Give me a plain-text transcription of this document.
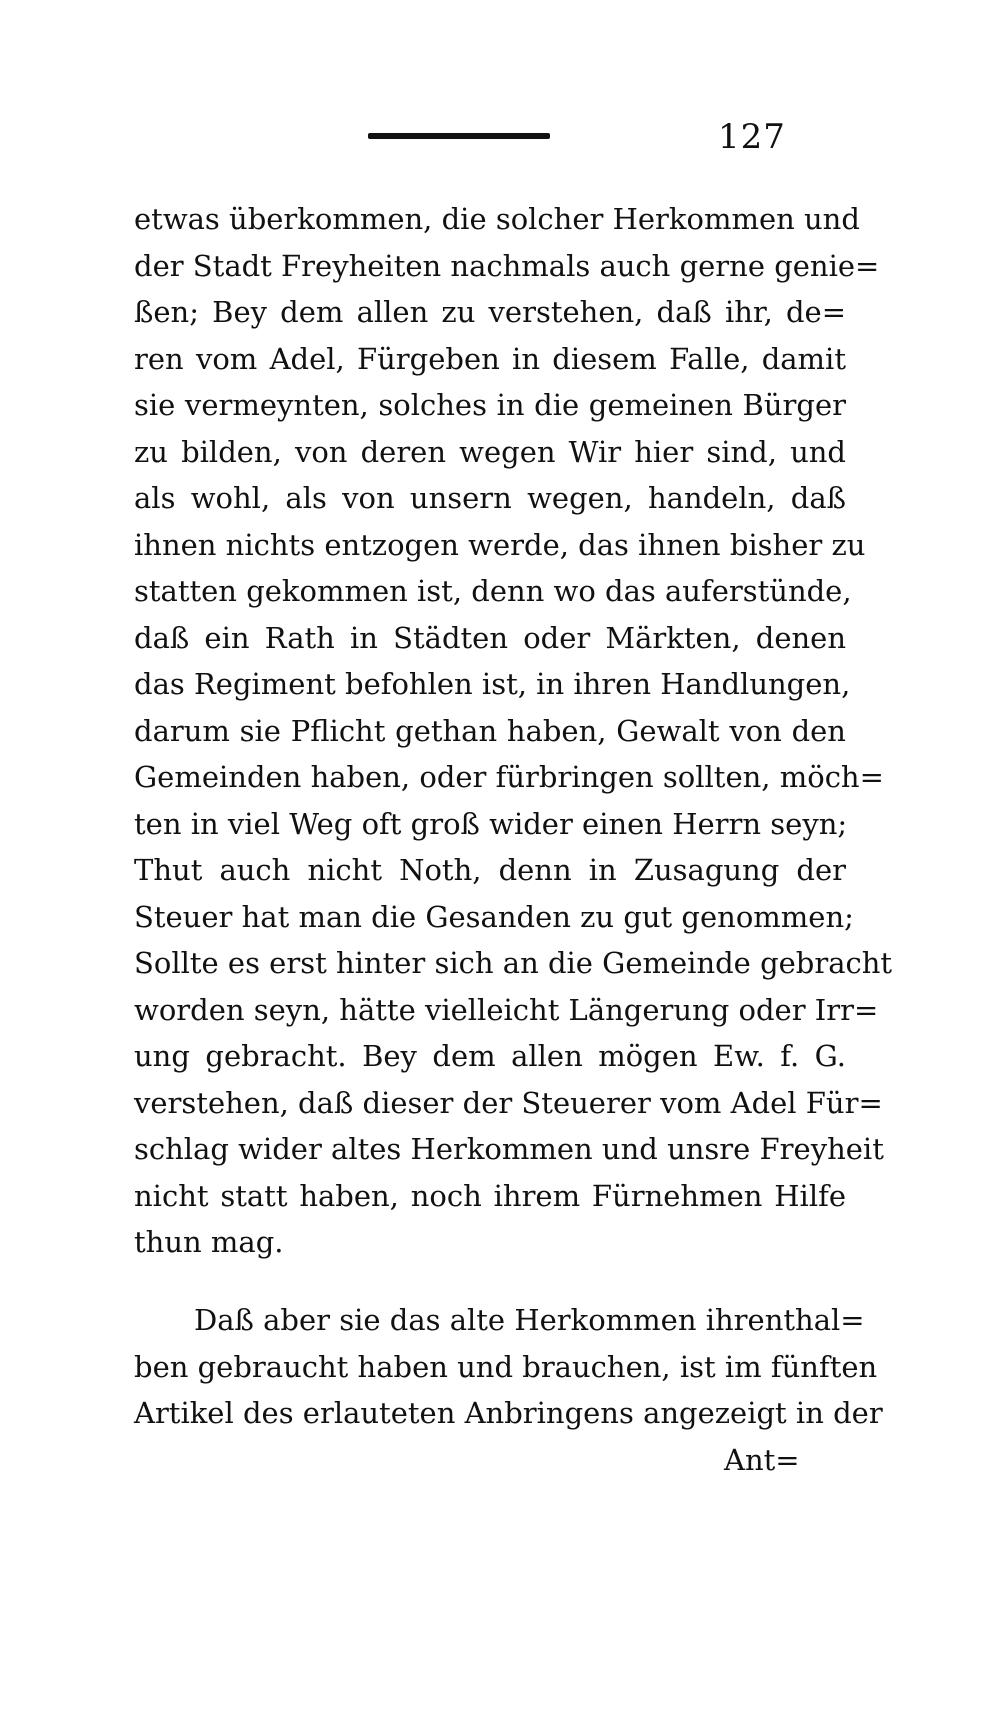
127
etwas überkommen, die solcher Herkommen und
der Stadt Freyheiten nachmals auch gerne genie=
ßen; Bey dem allen zu verstehen, daß ihr, de=
ren vom Adel, Fürgeben in diesem Falle, damit
sie vermeynten, solches in die gemeinen Bürger
zu bilden, von deren wegen Wir hier sind, und
als wohl, als von unsern wegen, handeln, daß
ihnen nichts entzogen werde, das ihnen bisher zu
statten gekommen ist, denn wo das auferstünde,
daß ein Rath in Städten oder Märkten, denen
das Regiment befohlen ist, in ihren Handlungen,
darum sie Pflicht gethan haben, Gewalt von den
Gemeinden haben, oder fürbringen sollten, möch=
ten in viel Weg oft groß wider einen Herrn seyn;
Thut auch nicht Noth, denn in Zusagung der
Steuer hat man die Gesanden zu gut genommen;
Sollte es erst hinter sich an die Gemeinde gebracht
worden seyn, hätte vielleicht Längerung oder Irr=
ung gebracht. Bey dem allen mögen Ew. f. G.
verstehen, daß dieser der Steuerer vom Adel Für=
schlag wider altes Herkommen und unsre Freyheit
nicht statt haben, noch ihrem Fürnehmen Hilfe
thun mag.
Daß aber sie das alte Herkommen ihrenthal=
ben gebraucht haben und brauchen, ist im fünften
Artikel des erlauteten Anbringens angezeigt in der
Ant=
